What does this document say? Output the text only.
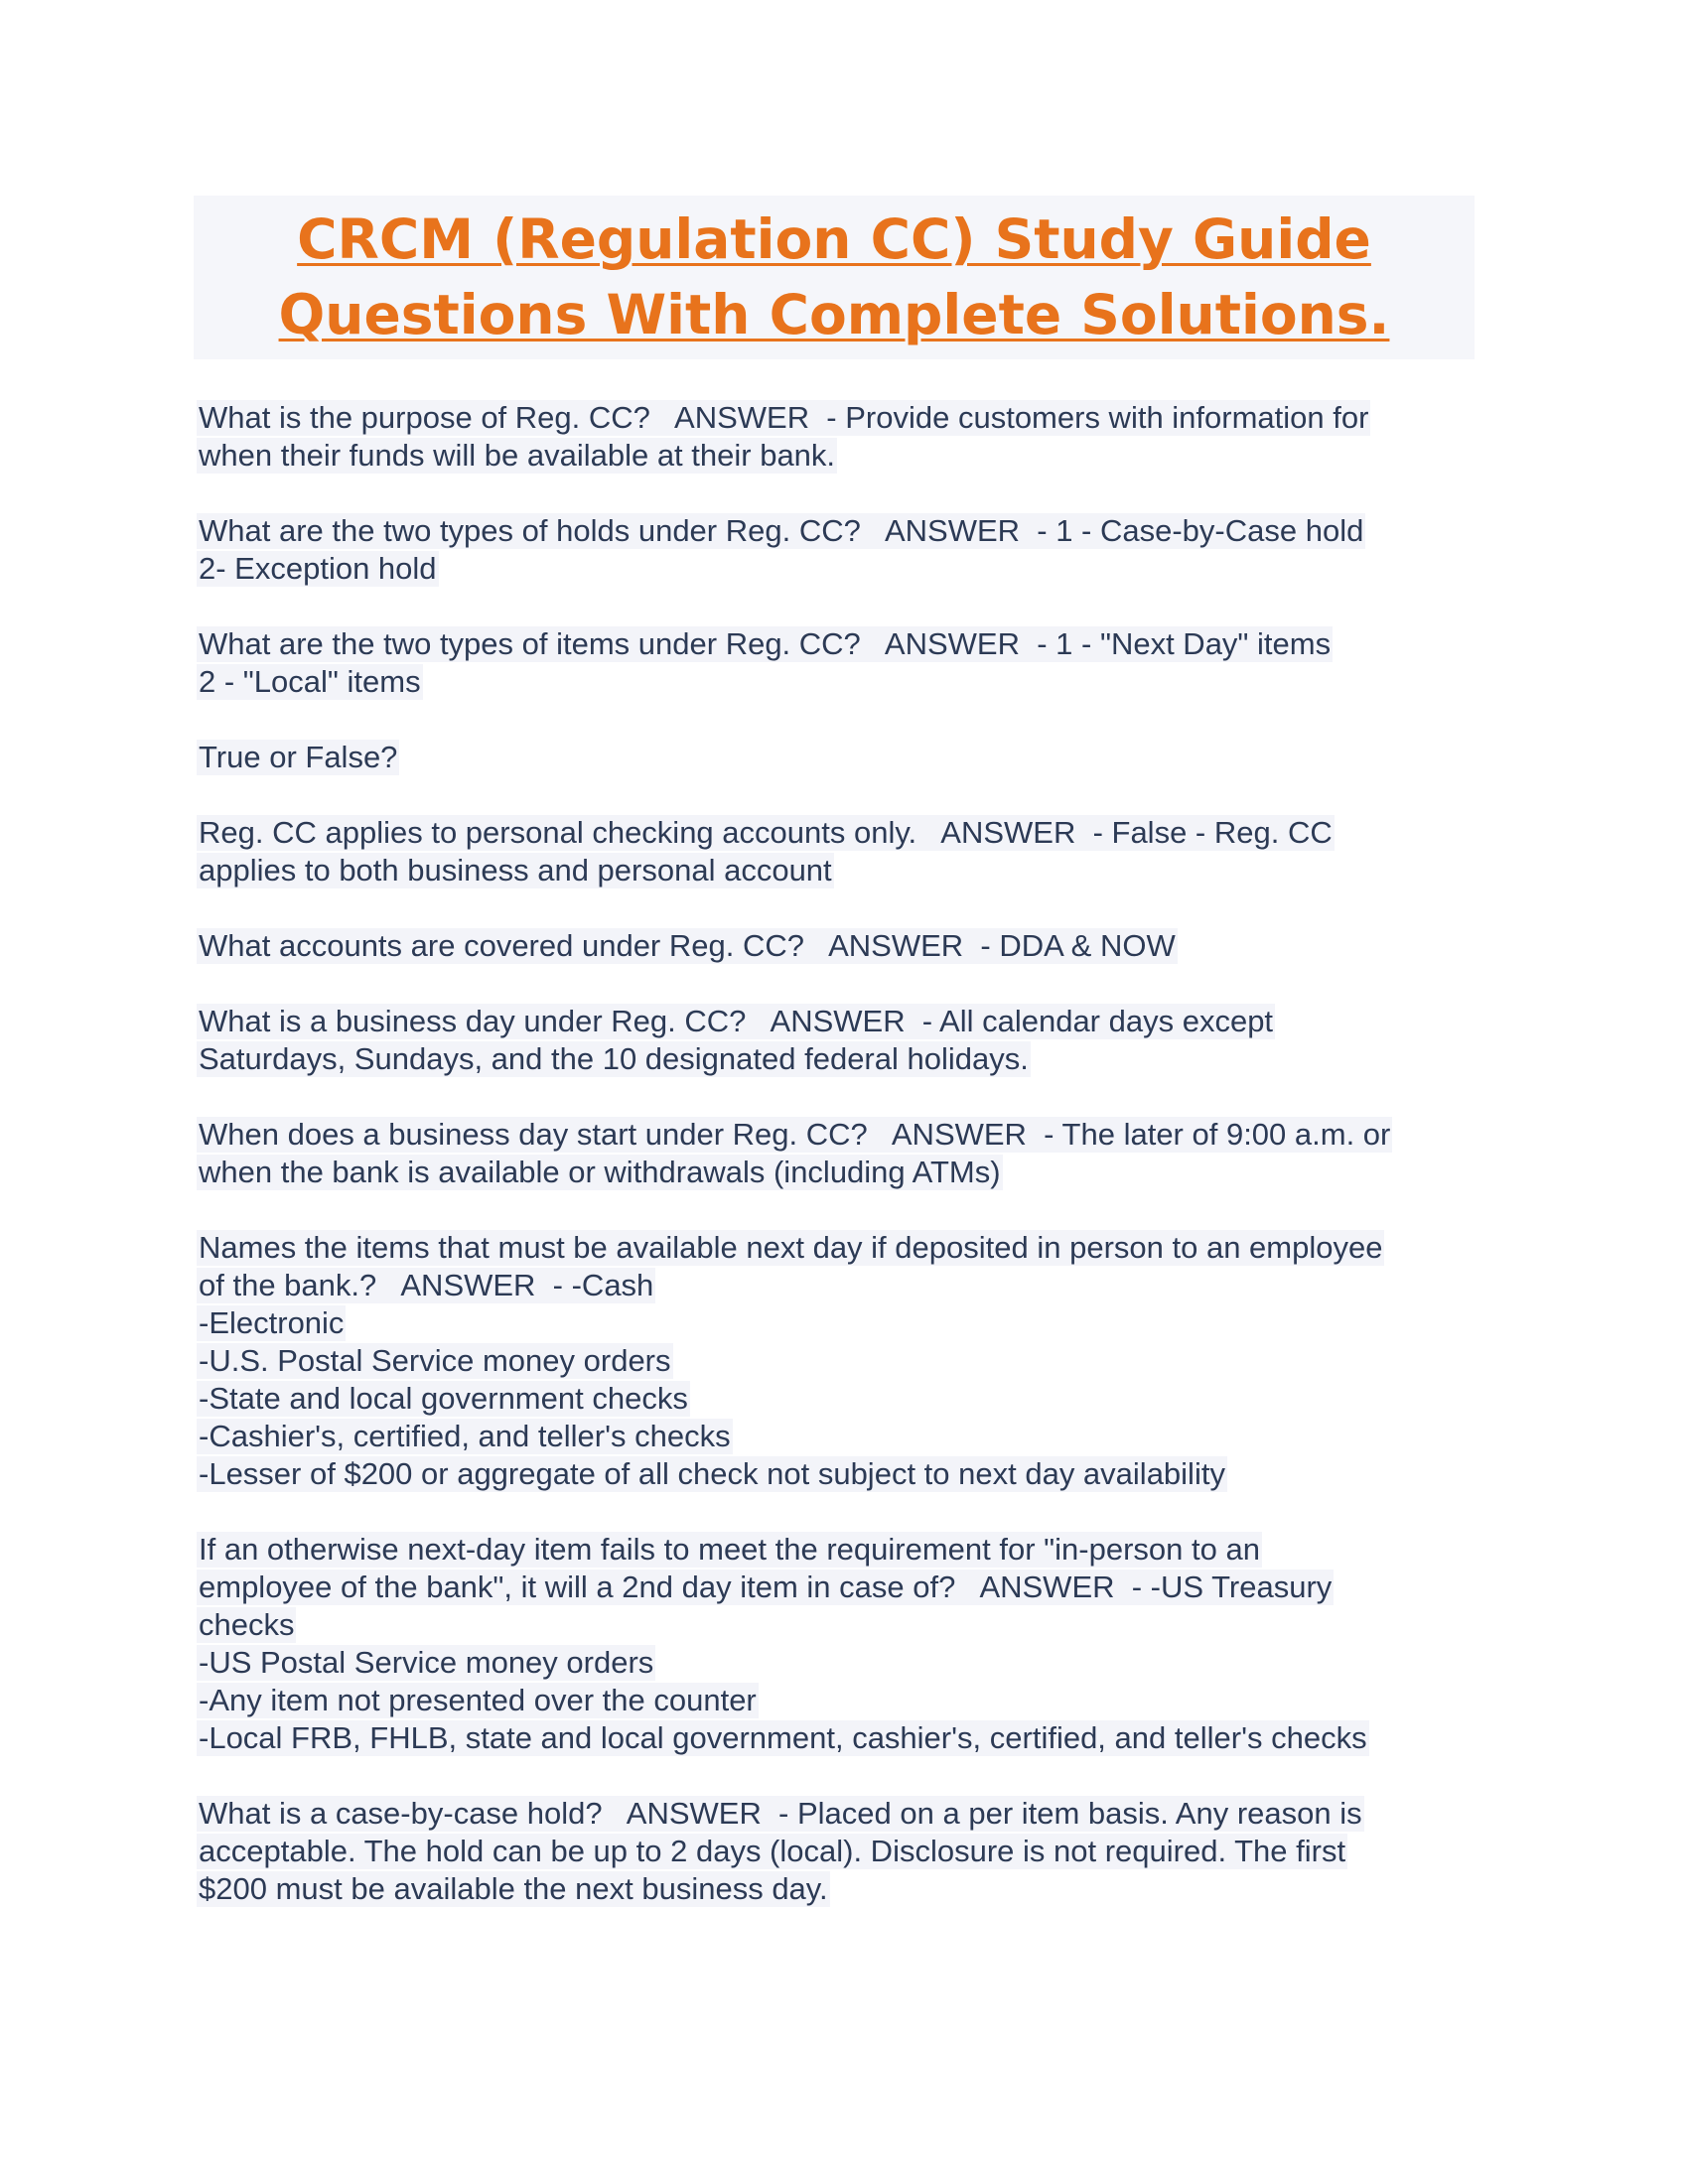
CRCM (Regulation CC) Study Guide
Questions With Complete Solutions.
What is the purpose of Reg. CC?   ANSWER  - Provide customers with information for
when their funds will be available at their bank.
What are the two types of holds under Reg. CC?   ANSWER  - 1 - Case-by-Case hold
2- Exception hold
What are the two types of items under Reg. CC?   ANSWER  - 1 - "Next Day" items
2 - "Local" items
True or False?
Reg. CC applies to personal checking accounts only.   ANSWER  - False - Reg. CC
applies to both business and personal account
What accounts are covered under Reg. CC?   ANSWER  - DDA & NOW
What is a business day under Reg. CC?   ANSWER  - All calendar days except
Saturdays, Sundays, and the 10 designated federal holidays.
When does a business day start under Reg. CC?   ANSWER  - The later of 9:00 a.m. or
when the bank is available or withdrawals (including ATMs)
Names the items that must be available next day if deposited in person to an employee
of the bank.?   ANSWER  - -Cash
-Electronic
-U.S. Postal Service money orders
-State and local government checks
-Cashier's, certified, and teller's checks
-Lesser of $200 or aggregate of all check not subject to next day availability
If an otherwise next-day item fails to meet the requirement for "in-person to an
employee of the bank", it will a 2nd day item in case of?   ANSWER  - -US Treasury
checks
-US Postal Service money orders
-Any item not presented over the counter
-Local FRB, FHLB, state and local government, cashier's, certified, and teller's checks
What is a case-by-case hold?   ANSWER  - Placed on a per item basis. Any reason is
acceptable. The hold can be up to 2 days (local). Disclosure is not required. The first
$200 must be available the next business day.
